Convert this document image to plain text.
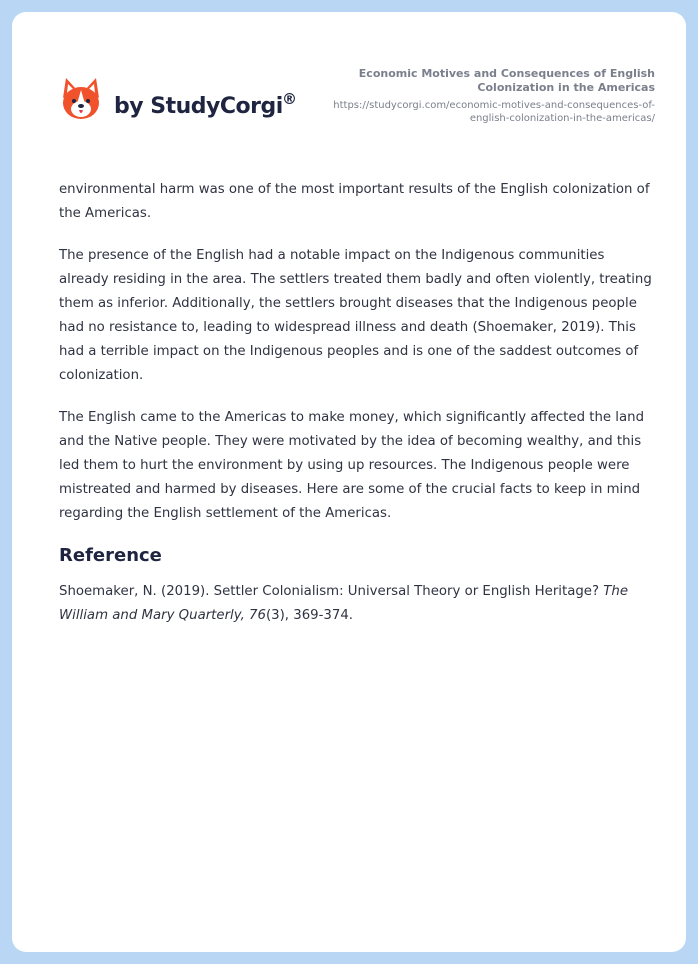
by StudyCorgi ®
Economic Motives and Consequences of English Colonization in the Americas
https://studycorgi.com/economic-motives-and-consequences-of-english-colonization-in-the-americas/

environmental harm was one of the most important results of the English colonization of the Americas.

The presence of the English had a notable impact on the Indigenous communities already residing in the area. The settlers treated them badly and often violently, treating them as inferior. Additionally, the settlers brought diseases that the Indigenous people had no resistance to, leading to widespread illness and death (Shoemaker, 2019). This had a terrible impact on the Indigenous peoples and is one of the saddest outcomes of colonization.

The English came to the Americas to make money, which significantly affected the land and the Native people. They were motivated by the idea of becoming wealthy, and this led them to hurt the environment by using up resources. The Indigenous people were mistreated and harmed by diseases. Here are some of the crucial facts to keep in mind regarding the English settlement of the Americas.

Reference

Shoemaker, N. (2019). Settler Colonialism: Universal Theory or English Heritage? The William and Mary Quarterly, 76(3), 369-374.
